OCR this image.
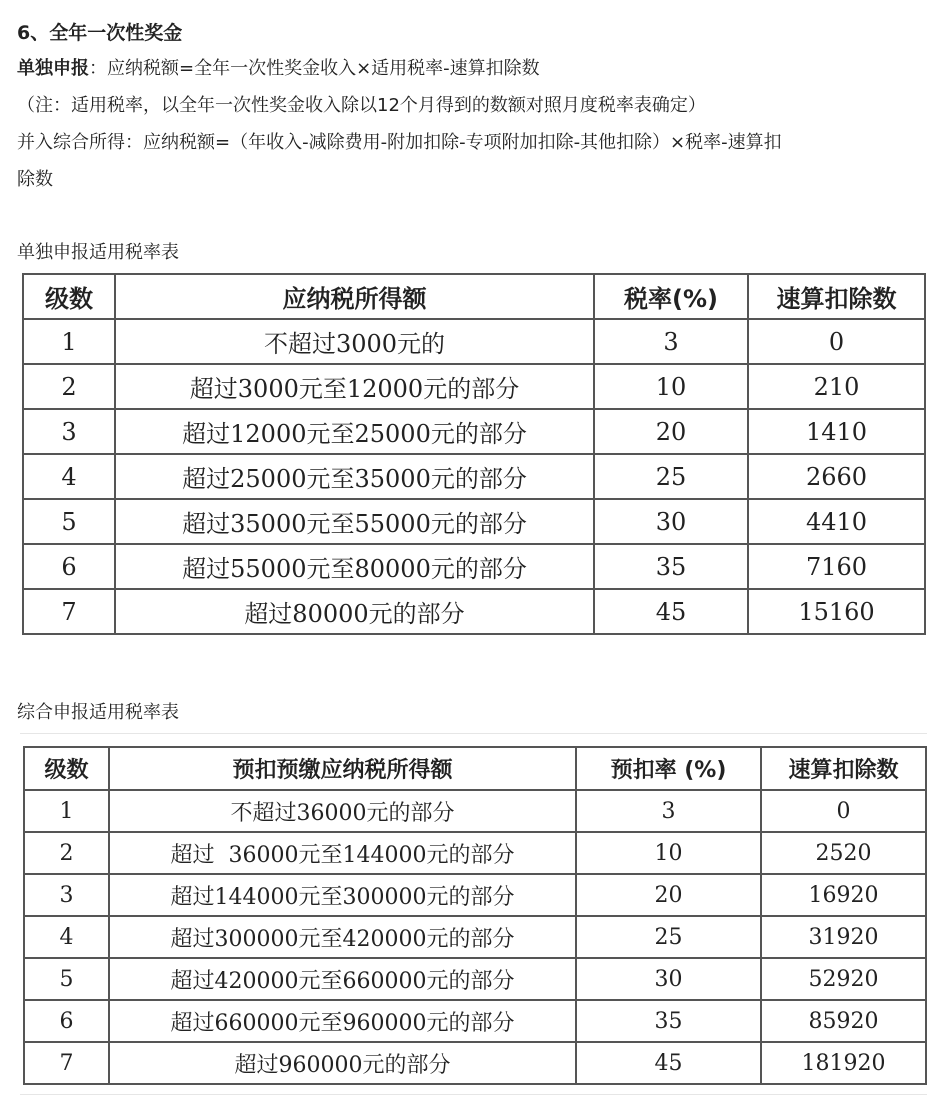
6、全年一次性奖金
单独申报：应纳税额=全年一次性奖金收入×适用税率-速算扣除数
（注：适用税率，以全年一次性奖金收入除以12个月得到的数额对照月度税率表确定）
并入综合所得：应纳税额=（年收入-减除费用-附加扣除-专项附加扣除-其他扣除）×税率-速算扣
除数
单独申报适用税率表
级数	应纳税所得额	税率(%)	速算扣除数
1	不超过3000元的	3	0
2	超过3000元至12000元的部分	10	210
3	超过12000元至25000元的部分	20	1410
4	超过25000元至35000元的部分	25	2660
5	超过35000元至55000元的部分	30	4410
6	超过55000元至80000元的部分	35	7160
7	超过80000元的部分	45	15160
综合申报适用税率表
级数	预扣预缴应纳税所得额	预扣率 (%)	速算扣除数
1	不超过36000元的部分	3	0
2	超过  36000元至144000元的部分	10	2520
3	超过144000元至300000元的部分	20	16920
4	超过300000元至420000元的部分	25	31920
5	超过420000元至660000元的部分	30	52920
6	超过660000元至960000元的部分	35	85920
7	超过960000元的部分	45	181920
